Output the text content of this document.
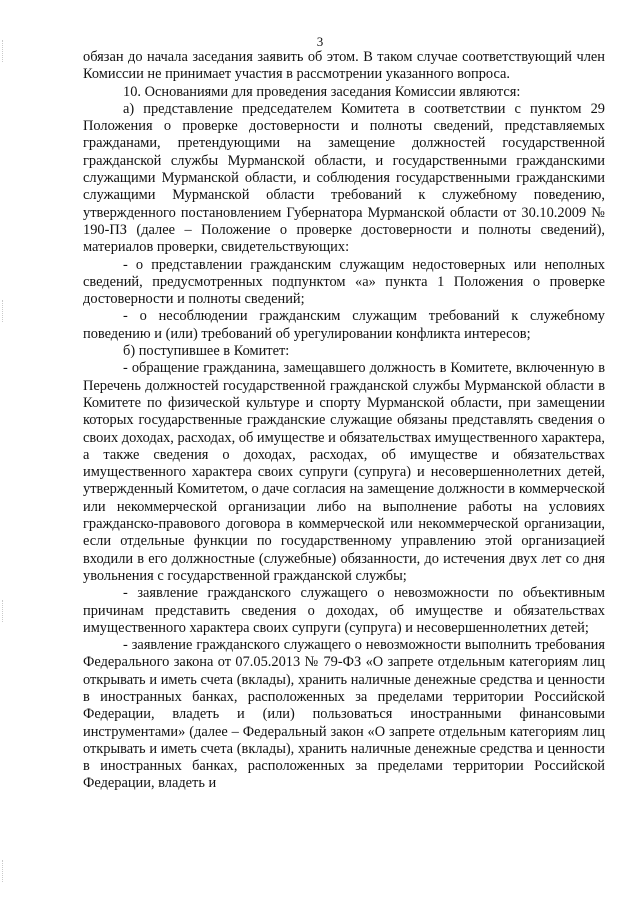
3

обязан до начала заседания заявить об этом. В таком случае соответствующий член Комиссии не принимает участия в рассмотрении указанного вопроса.

10. Основаниями для проведения заседания Комиссии являются:

а) представление председателем Комитета в соответствии с пунктом 29 Положения о проверке достоверности и полноты сведений, представляемых гражданами, претендующими на замещение должностей государственной гражданской службы Мурманской области, и государственными гражданскими служащими Мурманской области, и соблюдения государственными гражданскими служащими Мурманской области требований к служебному поведению, утвержденного постановлением Губернатора Мурманской области от 30.10.2009 № 190-ПЗ (далее – Положение о проверке достоверности и полноты сведений), материалов проверки, свидетельствующих:

- о представлении гражданским служащим недостоверных или неполных сведений, предусмотренных подпунктом «а» пункта 1 Положения о проверке достоверности и полноты сведений;

- о несоблюдении гражданским служащим требований к служебному поведению и (или) требований об урегулировании конфликта интересов;

б) поступившее в Комитет:

- обращение гражданина, замещавшего должность в Комитете, включенную в Перечень должностей государственной гражданской службы Мурманской области в Комитете по физической культуре и спорту Мурманской области, при замещении которых государственные гражданские служащие обязаны представлять сведения о своих доходах, расходах, об имуществе и обязательствах имущественного характера, а также сведения о доходах, расходах, об имуществе и обязательствах имущественного характера своих супруги (супруга) и несовершеннолетних детей, утвержденный Комитетом, о даче согласия на замещение должности в коммерческой или некоммерческой организации либо на выполнение работы на условиях гражданско-правового договора в коммерческой или некоммерческой организации, если отдельные функции по государственному управлению этой организацией входили в его должностные (служебные) обязанности, до истечения двух лет со дня увольнения с государственной гражданской службы;

- заявление гражданского служащего о невозможности по объективным причинам представить сведения о доходах, об имуществе и обязательствах имущественного характера своих супруги (супруга) и несовершеннолетних детей;

- заявление гражданского служащего о невозможности выполнить требования Федерального закона от 07.05.2013 № 79-ФЗ «О запрете отдельным категориям лиц открывать и иметь счета (вклады), хранить наличные денежные средства и ценности в иностранных банках, расположенных за пределами территории Российской Федерации, владеть и (или) пользоваться иностранными финансовыми инструментами» (далее – Федеральный закон «О запрете отдельным категориям лиц открывать и иметь счета (вклады), хранить наличные денежные средства и ценности в иностранных банках, расположенных за пределами территории Российской Федерации, владеть и
